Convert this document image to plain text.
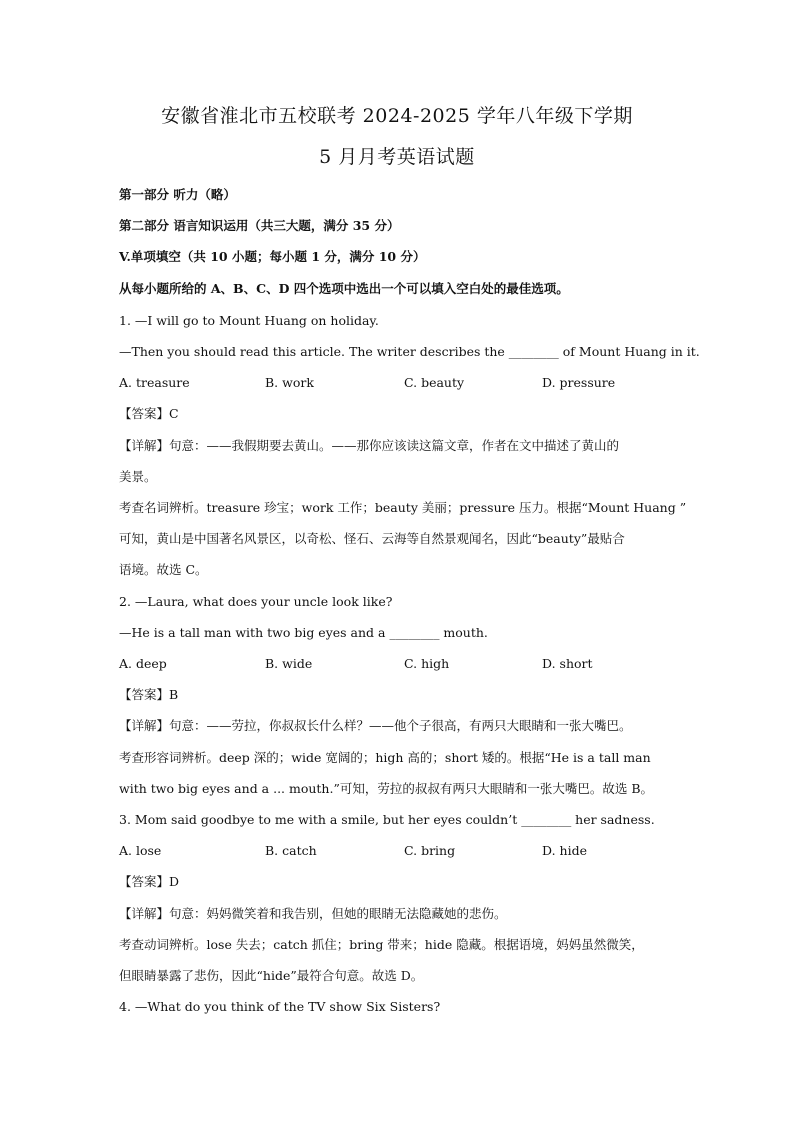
安徽省淮北市五校联考 2024-2025 学年八年级下学期
5 月月考英语试题
第一部分 听力（略）
第二部分 语言知识运用（共三大题，满分 35 分）
V.单项填空（共 10 小题；每小题 1 分，满分 10 分）
从每小题所给的 A、B、C、D 四个选项中选出一个可以填入空白处的最佳选项。
1. —I will go to Mount Huang on holiday.
—Then you should read this article. The writer describes the ________ of Mount Huang in it.
A. treasure	B. work	C. beauty	D. pressure
【答案】C
【详解】句意：——我假期要去黄山。——那你应该读这篇文章，作者在文中描述了黄山的
美景。
考查名词辨析。treasure 珍宝；work 工作；beauty 美丽；pressure 压力。根据“Mount Huang ”
可知，黄山是中国著名风景区，以奇松、怪石、云海等自然景观闻名，因此“beauty”最贴合
语境。故选 C。
2. —Laura, what does your uncle look like?
—He is a tall man with two big eyes and a ________ mouth.
A. deep	B. wide	C. high	D. short
【答案】B
【详解】句意：——劳拉，你叔叔长什么样？——他个子很高，有两只大眼睛和一张大嘴巴。
考查形容词辨析。deep 深的；wide 宽阔的；high 高的；short 矮的。根据“He is a tall man
with two big eyes and a ... mouth.”可知，劳拉的叔叔有两只大眼睛和一张大嘴巴。故选 B。
3. Mom said goodbye to me with a smile, but her eyes couldn’t ________ her sadness.
A. lose	B. catch	C. bring	D. hide
【答案】D
【详解】句意：妈妈微笑着和我告别，但她的眼睛无法隐藏她的悲伤。
考查动词辨析。lose 失去；catch 抓住；bring 带来；hide 隐藏。根据语境，妈妈虽然微笑，
但眼睛暴露了悲伤，因此“hide”最符合句意。故选 D。
4. —What do you think of the TV show Six Sisters?
